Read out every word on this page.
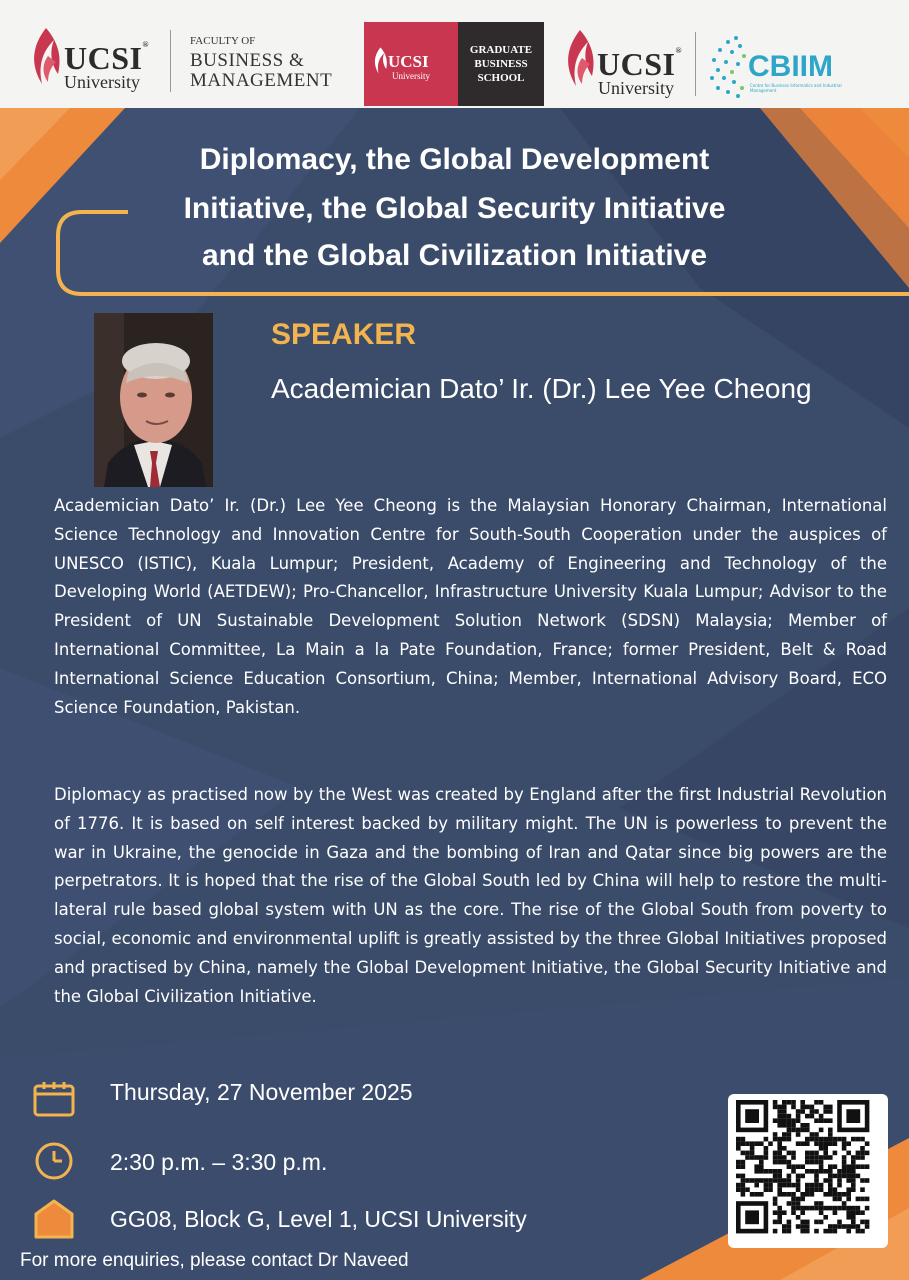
UCSI®
University
FACULTY OF
BUSINESS &
MANAGEMENT
UCSI
University
GRADUATE
BUSINESS
SCHOOL	UCSI®
University
CBIIM
Centre for Business Informatics and Industrial Management
Diplomacy, the Global Development
Initiative, the Global Security Initiative
and the Global Civilization Initiative
SPEAKER
Academician Dato’ Ir. (Dr.) Lee Yee Cheong

Academician Dato’ Ir. (Dr.) Lee Yee Cheong is the Malaysian Honorary Chairman, International Science Technology and Innovation Centre for South-South Cooperation under the auspices of UNESCO (ISTIC), Kuala Lumpur; President, Academy of Engineering and Technology of the Developing World (AETDEW); Pro-Chancellor, Infrastructure University Kuala Lumpur; Advisor to the President of UN Sustainable Development Solution Network (SDSN) Malaysia; Member of International Committee, La Main a la Pate Foundation, France; former President, Belt & Road International Science Education Consortium, China; Member, International Advisory Board, ECO Science Foundation, Pakistan.

Diplomacy as practised now by the West was created by England after the first Industrial Revolution of 1776. It is based on self interest backed by military might. The UN is powerless to prevent the war in Ukraine, the genocide in Gaza and the bombing of Iran and Qatar since big powers are the perpetrators. It is hoped that the rise of the Global South led by China will help to restore the multi-lateral rule based global system with UN as the core. The rise of the Global South from poverty to social, economic and environmental uplift is greatly assisted by the three Global Initiatives proposed and practised by China, namely the Global Development Initiative, the Global Security Initiative and the Global Civilization Initiative.

Thursday, 27 November 2025
2:30 p.m. – 3:30 p.m.
GG08, Block G, Level 1, UCSI University
For more enquiries, please contact Dr Naveed
